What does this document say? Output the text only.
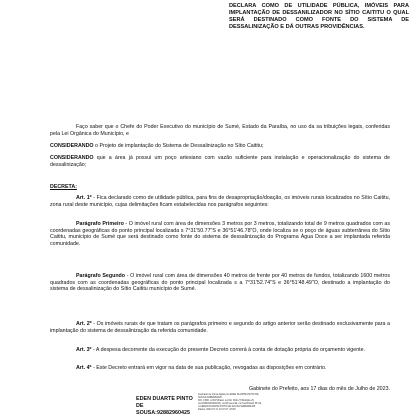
DECLARA COMO DE UTILIDADE PÚBLICA, IMÓVEIS PARA IMPLANTAÇÃO DE DESSANILIZADOR NO SÍTIO CAITITU O QUAL SERÁ DESTINADO COMO FONTE DO SISTEMA DE DESSALINIZAÇÃO E DÁ OUTRAS PROVIDÊNCIAS.
Faço saber que o Chefe do Poder Executivo do município de Sumé, Estado da Paraíba, no uso da sa tribuições legais, conferidas pela Lei Orgânica do Município, e
CONSIDERANDO o Projeto de implantação do Sistema de Dessalinização no Sítio Caititu;
CONSIDERANDO que a área já possui um poço artesiano com vazão suficiente para instalação e operacionalização do sistema de dessalinização;
DECRETA:
Art. 1º - Fica declarado como de utilidade pública, para fins de desapropriação/doação, os imóveis rurais localizados no Sítio Caititu, zona rural deste município, cujas delimitações ficam estabelecidas nos parágrafos seguintes:
Parágrafo Primeiro - O imóvel rural com área de dimensões 3 metros por 3 metros, totalizando total de 9 metros quadrados com as coordenadas geográficas do ponto principal localizada s 7°31'50.77"S e 36°51'46.78"O, onde localiza se o poço de águas subterrânea do Sítio Caititu, município de Sumé que será destinado como fonte do sistema de dessalinização do Programa Água Doce a ser implantada referida comunidade.
Parágrafo Segundo - O imóvel rural com área de dimensões 40 metros de frente por 40 metros de fundos, totalizando 1600 metros quadrados com as coordenadas geográficas do ponto principal localizada s a 7°31'52.74"S e 36°51'48.49"O, destinado a implantação do sistema de dessalinização do Sítio Caititu município de Sumé.
Art. 2º - Os imóveis rurais de que tratam os parágrafos primeiro e segundo do artigo anterior serão destinado exclusivamente para a implantação do sistema de dessalinização da referida comunidade.
Art. 3º - A despesa decorrente da execução do presente Decreto correrá à conta de dotação própria do orçamento vigente.
Art. 4º - Este Decreto entrará em vigor na data de sua publicação, revogadas as disposições em contrário.
Gabinete do Prefeito, aos 17 dias do mês de Julho de 2023.
EDEN DUARTE PINTO DE
SOUSA:92882960425
Assinado de forma digital por EDEN DUARTE PINTO DE
SOUSA:92882960425
DN: c=BR, o=ICP-Brasil, ou=AC SOLUTI Multipla v5,
ou=29483120000130, ou=Presencial, ou=Certificado PF A3,
cn=EDEN DUARTE PINTO DE SOUSA:92882960425
Dados: 2023.07.17 10:47:27 -03'00'
